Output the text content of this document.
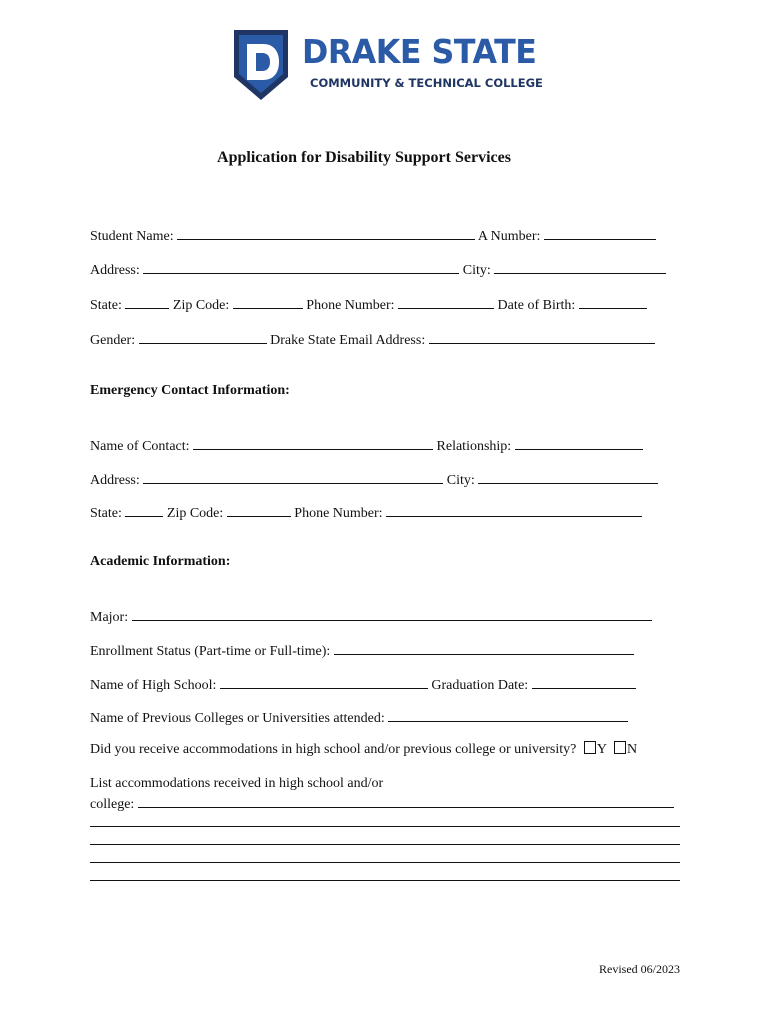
DRAKE STATE
COMMUNITY & TECHNICAL COLLEGE
Application for Disability Support Services
Student Name:	A Number:
Address:	City:
State:	Zip Code:	Phone Number:	Date of Birth:
Gender:	Drake State Email Address:
Emergency Contact Information:
Name of Contact:	Relationship:
Address:	City:
State:	Zip Code:	Phone Number:
Academic Information:
Major:
Enrollment Status (Part-time or Full-time):
Name of High School:	Graduation Date:
Name of Previous Colleges or Universities attended:
Did you receive accommodations in high school and/or previous college or university? Y N
List accommodations received in high school and/or
college:
Revised 06/2023
